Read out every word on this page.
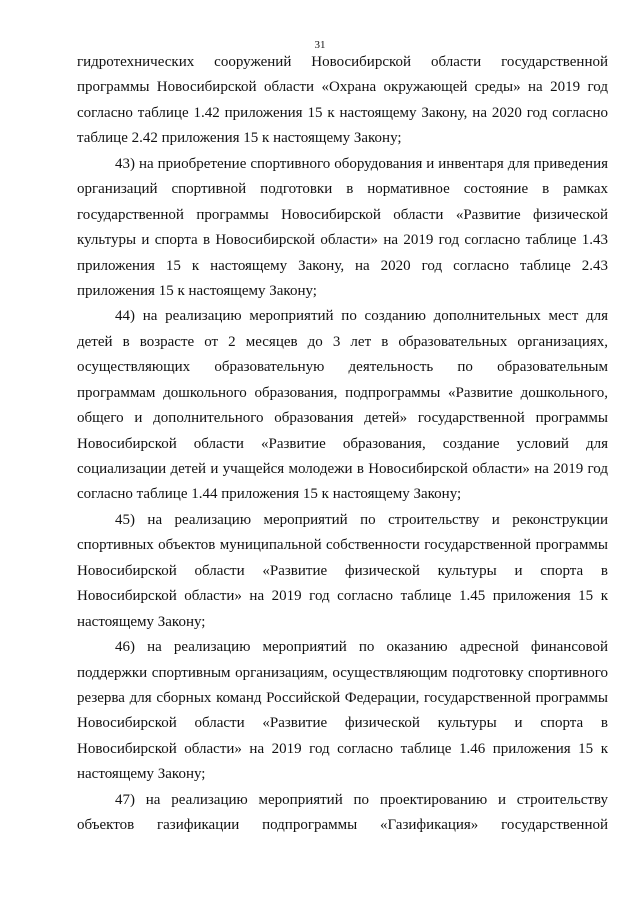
31
гидротехнических сооружений Новосибирской области государственной
программы Новосибирской области «Охрана окружающей среды» на 2019 год
согласно таблице 1.42 приложения 15 к настоящему Закону, на 2020 год согласно
таблице 2.42 приложения 15 к настоящему Закону;
43) на приобретение спортивного оборудования и инвентаря для приведения
организаций спортивной подготовки в нормативное состояние в рамках
государственной программы Новосибирской области «Развитие физической
культуры и спорта в Новосибирской области» на 2019 год согласно таблице 1.43
приложения 15 к настоящему Закону, на 2020 год согласно таблице 2.43
приложения 15 к настоящему Закону;
44) на реализацию мероприятий по созданию дополнительных мест для
детей в возрасте от 2 месяцев до 3 лет в образовательных организациях,
осуществляющих образовательную деятельность по образовательным
программам дошкольного образования, подпрограммы «Развитие дошкольного,
общего и дополнительного образования детей» государственной программы
Новосибирской области «Развитие образования, создание условий для
социализации детей и учащейся молодежи в Новосибирской области» на 2019 год
согласно таблице 1.44 приложения 15 к настоящему Закону;
45) на реализацию мероприятий по строительству и реконструкции
спортивных объектов муниципальной собственности государственной программы
Новосибирской области «Развитие физической культуры и спорта в
Новосибирской области» на 2019 год согласно таблице 1.45 приложения 15 к
настоящему Закону;
46) на реализацию мероприятий по оказанию адресной финансовой
поддержки спортивным организациям, осуществляющим подготовку спортивного
резерва для сборных команд Российской Федерации, государственной программы
Новосибирской области «Развитие физической культуры и спорта в
Новосибирской области» на 2019 год согласно таблице 1.46 приложения 15 к
настоящему Закону;
47) на реализацию мероприятий по проектированию и строительству
объектов газификации подпрограммы «Газификация» государственной
